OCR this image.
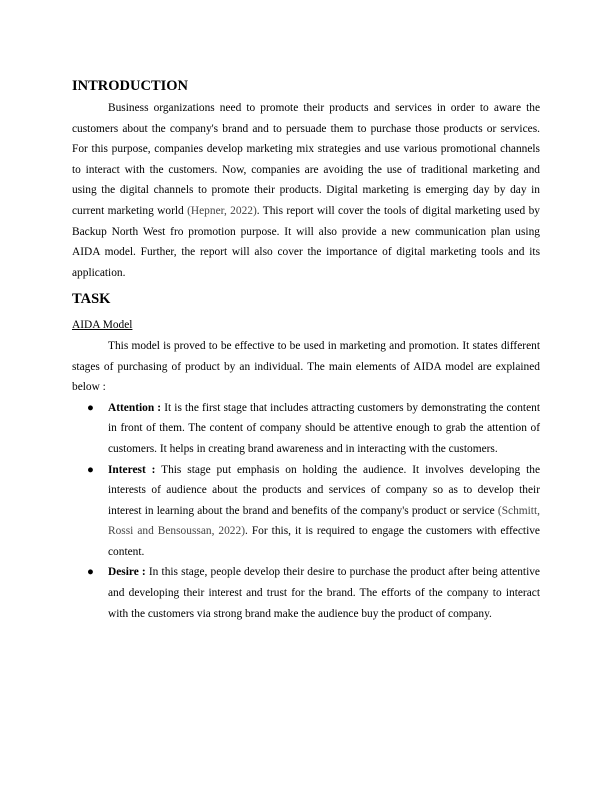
INTRODUCTION

Business organizations need to promote their products and services in order to aware the customers about the company's brand and to persuade them to purchase those products or services. For this purpose, companies develop marketing mix strategies and use various promotional channels to interact with the customers. Now, companies are avoiding the use of traditional marketing and using the digital channels to promote their products. Digital marketing is emerging day by day in current marketing world (Hepner, 2022). This report will cover the tools of digital marketing used by Backup North West fro promotion purpose. It will also provide a new communication plan using AIDA model. Further, the report will also cover the importance of digital marketing tools and its application.

TASK

AIDA Model

This model is proved to be effective to be used in marketing and promotion. It states different stages of purchasing of product by an individual. The main elements of AIDA model are explained below :

● Attention : It is the first stage that includes attracting customers by demonstrating the content in front of them. The content of company should be attentive enough to grab the attention of customers. It helps in creating brand awareness and in interacting with the customers.
● Interest : This stage put emphasis on holding the audience. It involves developing the interests of audience about the products and services of company so as to develop their interest in learning about the brand and benefits of the company's product or service (Schmitt, Rossi and Bensoussan, 2022). For this, it is required to engage the customers with effective content.
● Desire : In this stage, people develop their desire to purchase the product after being attentive and developing their interest and trust for the brand. The efforts of the company to interact with the customers via strong brand make the audience buy the product of company.
